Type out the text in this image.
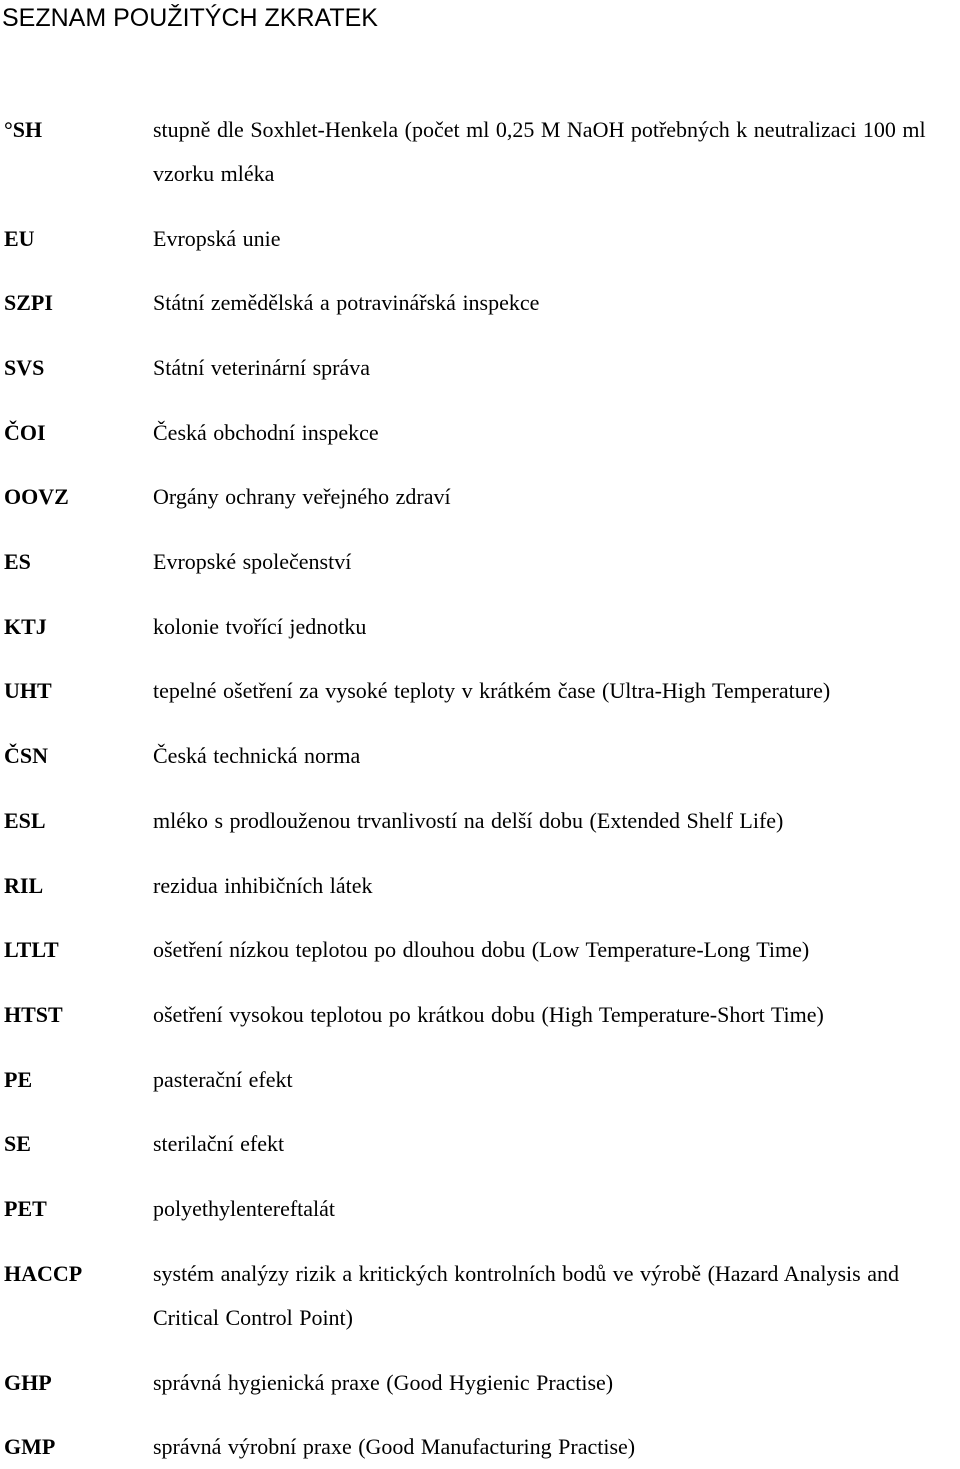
SEZNAM POUŽITÝCH ZKRATEK
°SH	stupně dle Soxhlet-Henkela (počet ml 0,25 M NaOH potřebných k neutralizaci 100 ml vzorku mléka
EU	Evropská unie
SZPI	Státní zemědělská a potravinářská inspekce
SVS	Státní veterinární správa
ČOI	Česká obchodní inspekce
OOVZ	Orgány ochrany veřejného zdraví
ES	Evropské společenství
KTJ	kolonie tvořící jednotku
UHT	tepelné ošetření za vysoké teploty v krátkém čase (Ultra-High Temperature)
ČSN	Česká technická norma
ESL	mléko s prodlouženou trvanlivostí na delší dobu (Extended Shelf Life)
RIL	rezidua inhibičních látek
LTLT	ošetření nízkou teplotou po dlouhou dobu (Low Temperature-Long Time)
HTST	ošetření vysokou teplotou po krátkou dobu (High Temperature-Short Time)
PE	pasterační efekt
SE	sterilační efekt
PET	polyethylentereftalát
HACCP	systém analýzy rizik a kritických kontrolních bodů ve výrobě (Hazard Analysis and Critical Control Point)
GHP	správná hygienická praxe (Good Hygienic Practise)
GMP	správná výrobní praxe (Good Manufacturing Practise)
